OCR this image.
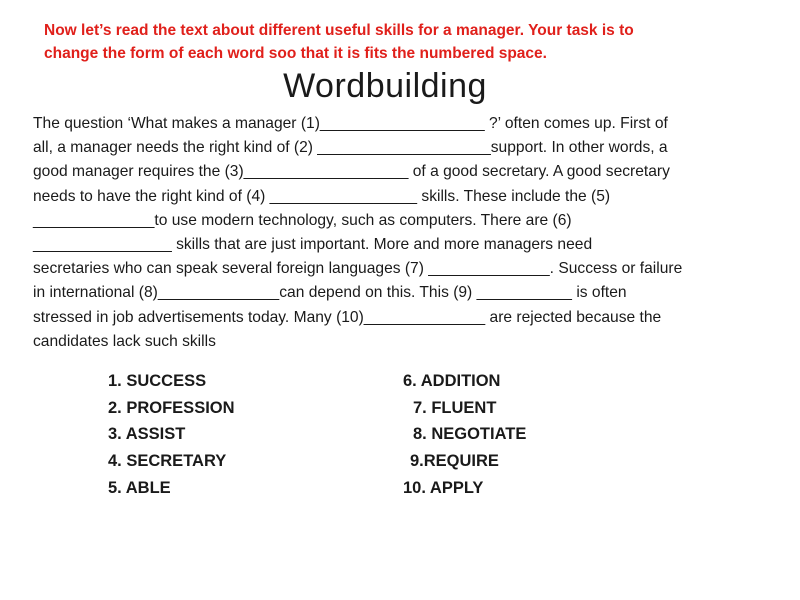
Now let’s read the text about different useful skills for a manager. Your task is to
change the form of each word soo that it is fits the numbered space.
Wordbuilding
The question ‘What makes a manager (1)___________________ ?’ often comes up. First of
all, a manager needs the right kind of (2) ____________________support. In other words, a
good manager requires the (3)___________________ of a good secretary. A good secretary
needs to have the right kind of (4) _________________ skills. These include the (5)
______________to use modern technology, such as computers. There are (6)
________________ skills that are just important. More and more managers need
secretaries who can speak several foreign languages (7) ______________. Success or failure
in international (8)______________can depend on this. This (9) ___________ is often
stressed in job advertisements today. Many (10)______________ are rejected because the
candidates lack such skills
1. SUCCESS
2. PROFESSION
3. ASSIST
4. SECRETARY
5. ABLE
6. ADDITION
7. FLUENT
8. NEGOTIATE
9.REQUIRE
10. APPLY
